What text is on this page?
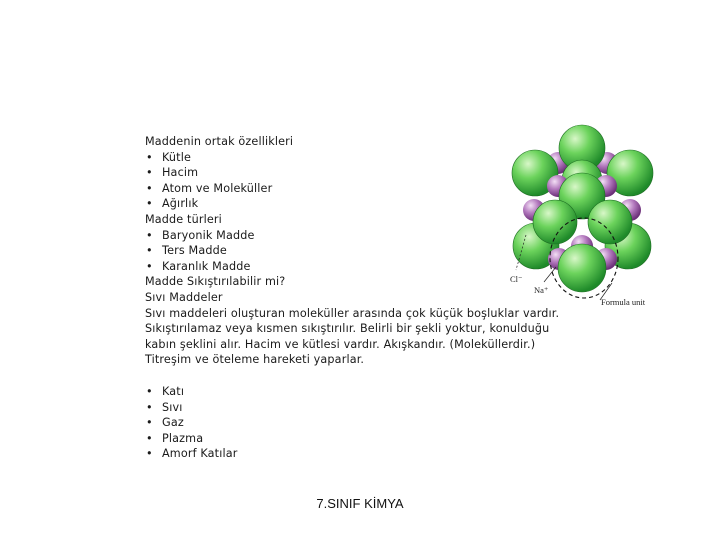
Maddenin ortak özellikleri
• Kütle
• Hacim
• Atom ve Moleküller
• Ağırlık
Madde türleri
• Baryonik Madde
• Ters Madde
• Karanlık Madde
Madde Sıkıştırılabilir mi?
Sıvı Maddeler
Sıvı maddeleri oluşturan moleküller arasında çok küçük boşluklar vardır. Sıkıştırılamaz veya kısmen sıkıştırılır. Belirli bir şekli yoktur, konulduğu kabın şeklini alır. Hacim ve kütlesi vardır. Akışkandır. (Moleküllerdir.) Titreşim ve öteleme hareketi yaparlar.
• Katı
• Sıvı
• Gaz
• Plazma
• Amorf Katılar
Cl⁻
Na⁺
Formula unit
7.SINIF KİMYA
